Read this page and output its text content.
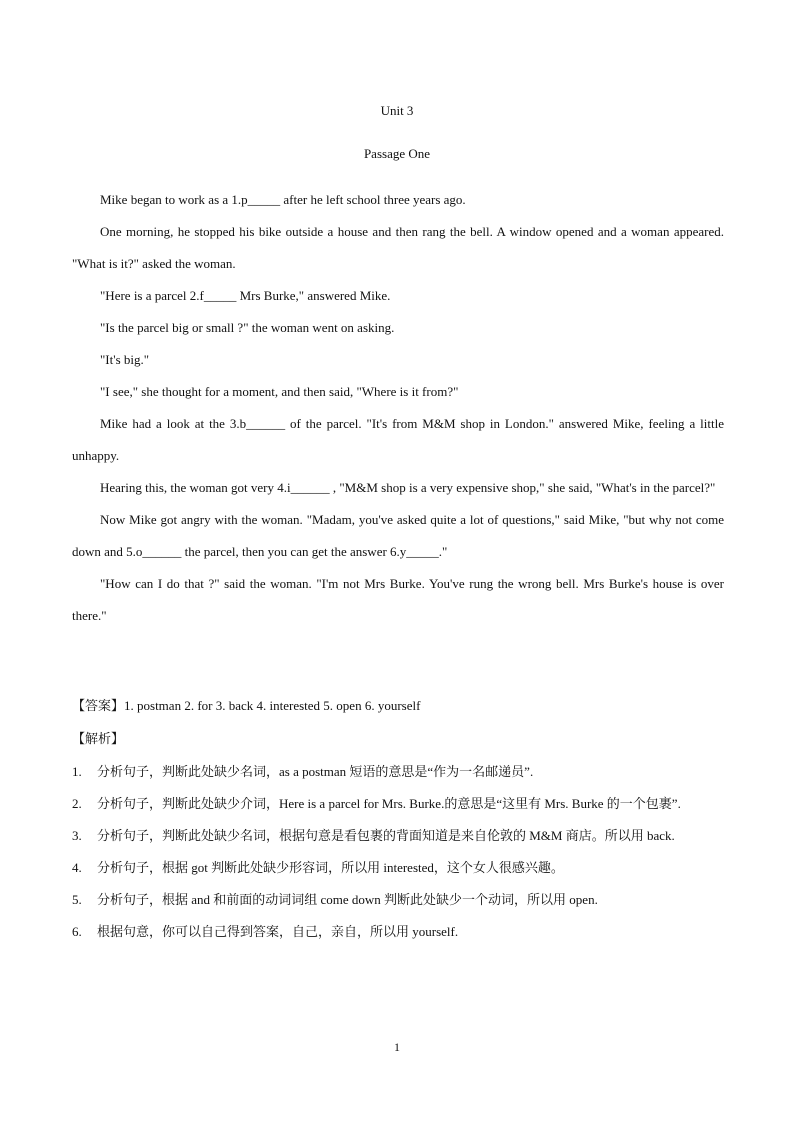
Unit 3
Passage One

Mike began to work as a 1.p_____ after he left school three years ago.

One morning, he stopped his bike outside a house and then rang the bell. A window opened and a woman appeared. "What is it?" asked the woman.

"Here is a parcel 2.f_____ Mrs Burke," answered Mike.

"Is the parcel big or small ?" the woman went on asking.

"It's big."

"I see," she thought for a moment, and then said, "Where is it from?"

Mike had a look at the 3.b______ of the parcel. "It's from M&M shop in London." answered Mike, feeling a little unhappy.

Hearing this, the woman got very 4.i______ , "M&M shop is a very expensive shop," she said, "What's in the parcel?"

Now Mike got angry with the woman. "Madam, you've asked quite a lot of questions," said Mike, "but why not come down and 5.o______ the parcel, then you can get the answer 6.y_____."

"How can I do that ?" said the woman. "I'm not Mrs Burke. You've rung the wrong bell. Mrs Burke's house is over there."

【答案】1. postman 2. for 3. back 4. interested 5. open 6. yourself

【解析】

1. 分析句子，判断此处缺少名词，as a postman 短语的意思是“作为一名邮递员”.
2. 分析句子，判断此处缺少介词，Here is a parcel for Mrs. Burke.的意思是“这里有 Mrs. Burke 的一个包裹”.
3. 分析句子，判断此处缺少名词，根据句意是看包裹的背面知道是来自伦敦的 M&M 商店。所以用 back.
4. 分析句子，根据 got 判断此处缺少形容词，所以用 interested，这个女人很感兴趣。
5. 分析句子，根据 and 和前面的动词词组 come down 判断此处缺少一个动词，所以用 open.
6. 根据句意，你可以自己得到答案，自己，亲自，所以用 yourself.
1
